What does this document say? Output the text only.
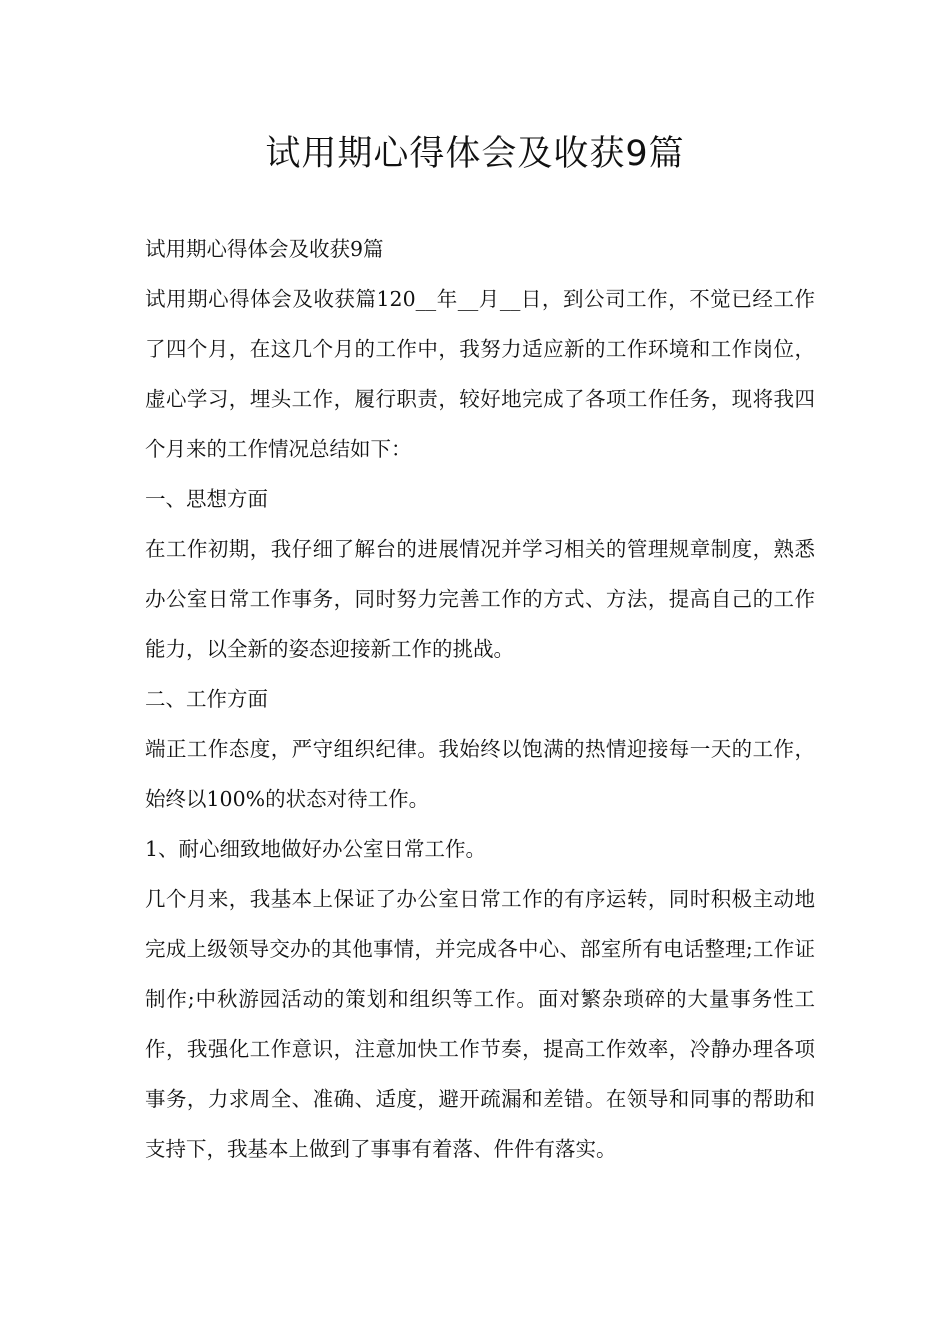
试用期心得体会及收获9篇

试用期心得体会及收获9篇

试用期心得体会及收获篇120__年__月__日，到公司工作，不觉已经工作了四个月，在这几个月的工作中，我努力适应新的工作环境和工作岗位，虚心学习，埋头工作，履行职责，较好地完成了各项工作任务，现将我四个月来的工作情况总结如下：

一、思想方面

在工作初期，我仔细了解台的进展情况并学习相关的管理规章制度，熟悉办公室日常工作事务，同时努力完善工作的方式、方法，提高自己的工作能力，以全新的姿态迎接新工作的挑战。

二、工作方面

端正工作态度，严守组织纪律。我始终以饱满的热情迎接每一天的工作，始终以100%的状态对待工作。

1、耐心细致地做好办公室日常工作。

几个月来，我基本上保证了办公室日常工作的有序运转，同时积极主动地完成上级领导交办的其他事情，并完成各中心、部室所有电话整理;工作证制作;中秋游园活动的策划和组织等工作。面对繁杂琐碎的大量事务性工作，我强化工作意识，注意加快工作节奏，提高工作效率，冷静办理各项事务，力求周全、准确、适度，避开疏漏和差错。在领导和同事的帮助和支持下，我基本上做到了事事有着落、件件有落实。
